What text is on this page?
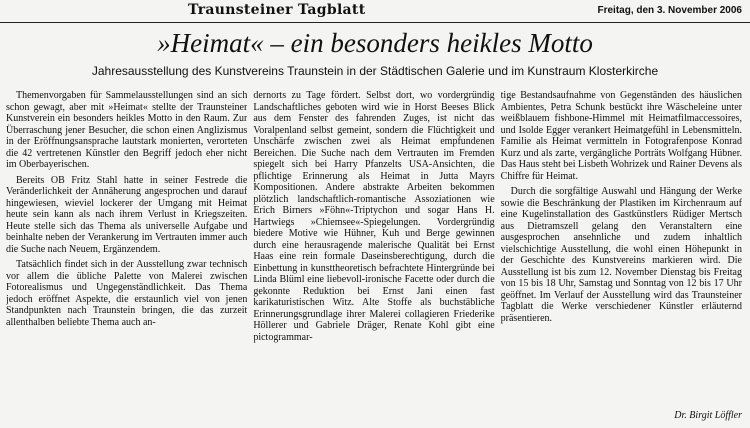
Traunsteiner Tagblatt	Freitag, den 3. November 2006
»Heimat« – ein besonders heikles Motto
Jahresausstellung des Kunstvereins Traunstein in der Städtischen Galerie und im Kunstraum Klosterkirche

Themenvorgaben für Sammelausstellungen sind an sich schon gewagt, aber mit »Heimat« stellte der Traunsteiner Kunstverein ein besonders heikles Motto in den Raum. Zur Überraschung jener Besucher, die schon einen Anglizismus in der Eröffnungsansprache lautstark monierten, verorteten die 42 vertretenen Künstler den Begriff jedoch eher nicht im Oberbayerischen.

Bereits OB Fritz Stahl hatte in seiner Festrede die Veränderlichkeit der Annäherung angesprochen und darauf hingewiesen, wieviel lockerer der Umgang mit Heimat heute sein kann als nach ihrem Verlust in Kriegszeiten. Heute stelle sich das Thema als universelle Aufgabe und beinhalte neben der Verankerung im Vertrauten immer auch die Suche nach Neuem, Ergänzendem.

Tatsächlich findet sich in der Ausstellung zwar technisch vor allem die übliche Palette von Malerei zwischen Fotorealismus und Ungegenständlichkeit. Das Thema jedoch eröffnet Aspekte, die erstaunlich viel von jenen Standpunkten nach Traunstein bringen, die das zurzeit allenthalben beliebte Thema auch an-

dernorts zu Tage fördert. Selbst dort, wo vordergründig Landschaftliches geboten wird wie in Horst Beeses Blick aus dem Fenster des fahrenden Zuges, ist nicht das Voralpenland selbst gemeint, sondern die Flüchtigkeit und Unschärfe zwischen zwei als Heimat empfundenen Bereichen. Die Suche nach dem Vertrauten im Fremden spiegelt sich bei Harry Pfanzelts USA-Ansichten, die pflichtige Erinnerung als Heimat in Jutta Mayrs Kompositionen. Andere abstrakte Arbeiten bekommen plötzlich landschaftlich-romantische Assoziationen wie Erich Birners »Föhn«-Triptychon und sogar Hans H. Hartwiegs »Chiemsee«-Spiegelungen. Vordergründig biedere Motive wie Hühner, Kuh und Berge gewinnen durch eine herausragende malerische Qualität bei Ernst Haas eine rein formale Daseinsberechtigung, durch die Einbettung in kunsttheoretisch befrachtete Hintergründe bei Linda Blüml eine liebevoll-ironische Facette oder durch die gekonnte Reduktion bei Ernst Jani einen fast karikaturistischen Witz. Alte Stoffe als buchstäbliche Erinnerungsgrundlage ihrer Malerei collagieren Friederike Höllerer und Gabriele Dräger, Renate Kohl gibt eine pictogrammar-

tige Bestandsaufnahme von Gegenständen des häuslichen Ambientes, Petra Schunk bestückt ihre Wäscheleine unter weißblauem fishbone-Himmel mit Heimatfilmaccessoires, und Isolde Egger verankert Heimatgefühl in Lebensmitteln. Familie als Heimat vermitteln in Fotografenpose Konrad Kurz und als zarte, vergängliche Porträts Wolfgang Hübner. Das Haus steht bei Lisbeth Wohrizek und Rainer Devens als Chiffre für Heimat.

Durch die sorgfältige Auswahl und Hängung der Werke sowie die Beschränkung der Plastiken im Kirchenraum auf eine Kugelinstallation des Gastkünstlers Rüdiger Mertsch aus Dietramszell gelang den Veranstaltern eine ausgesprochen ansehnliche und zudem inhaltlich vielschichtige Ausstellung, die wohl einen Höhepunkt in der Geschichte des Kunstvereins markieren wird. Die Ausstellung ist bis zum 12. November Dienstag bis Freitag von 15 bis 18 Uhr, Samstag und Sonntag von 12 bis 17 Uhr geöffnet. Im Verlauf der Ausstellung wird das Traunsteiner Tagblatt die Werke verschiedener Künstler erläuternd präsentieren.

Dr. Birgit Löffler
